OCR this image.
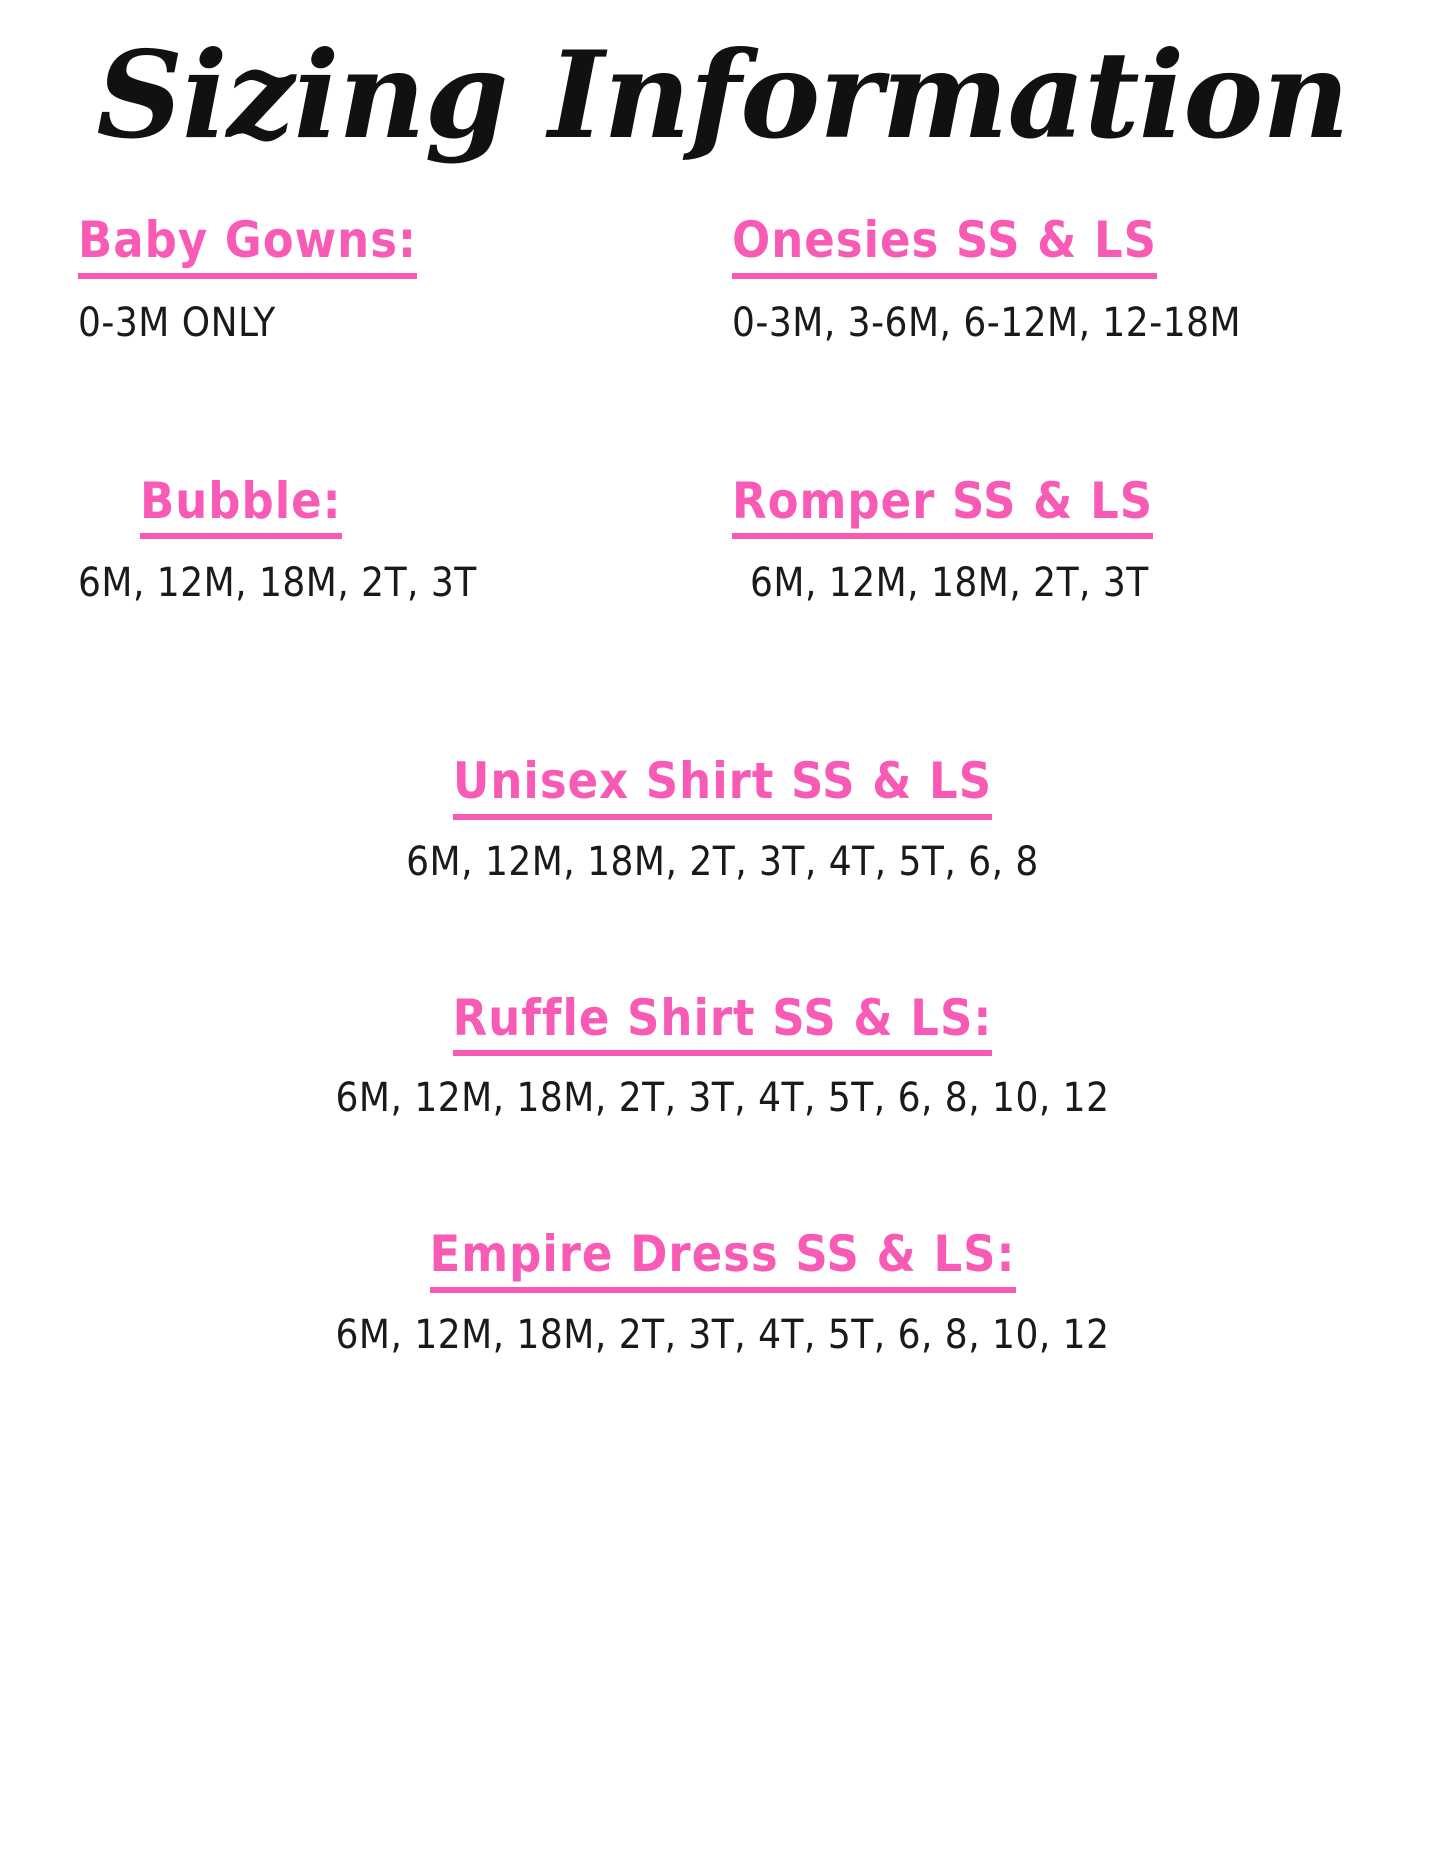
Sizing Information
Baby Gowns:
0-3M ONLY
Onesies SS & LS
0-3M, 3-6M, 6-12M, 12-18M
Bubble:
6M, 12M, 18M, 2T, 3T
Romper SS & LS
6M, 12M, 18M, 2T, 3T
Unisex Shirt SS & LS
6M, 12M, 18M, 2T, 3T, 4T, 5T, 6, 8
Ruffle Shirt SS & LS:
6M, 12M, 18M, 2T, 3T, 4T, 5T, 6, 8, 10, 12
Empire Dress SS & LS:
6M, 12M, 18M, 2T, 3T, 4T, 5T, 6, 8, 10, 12
